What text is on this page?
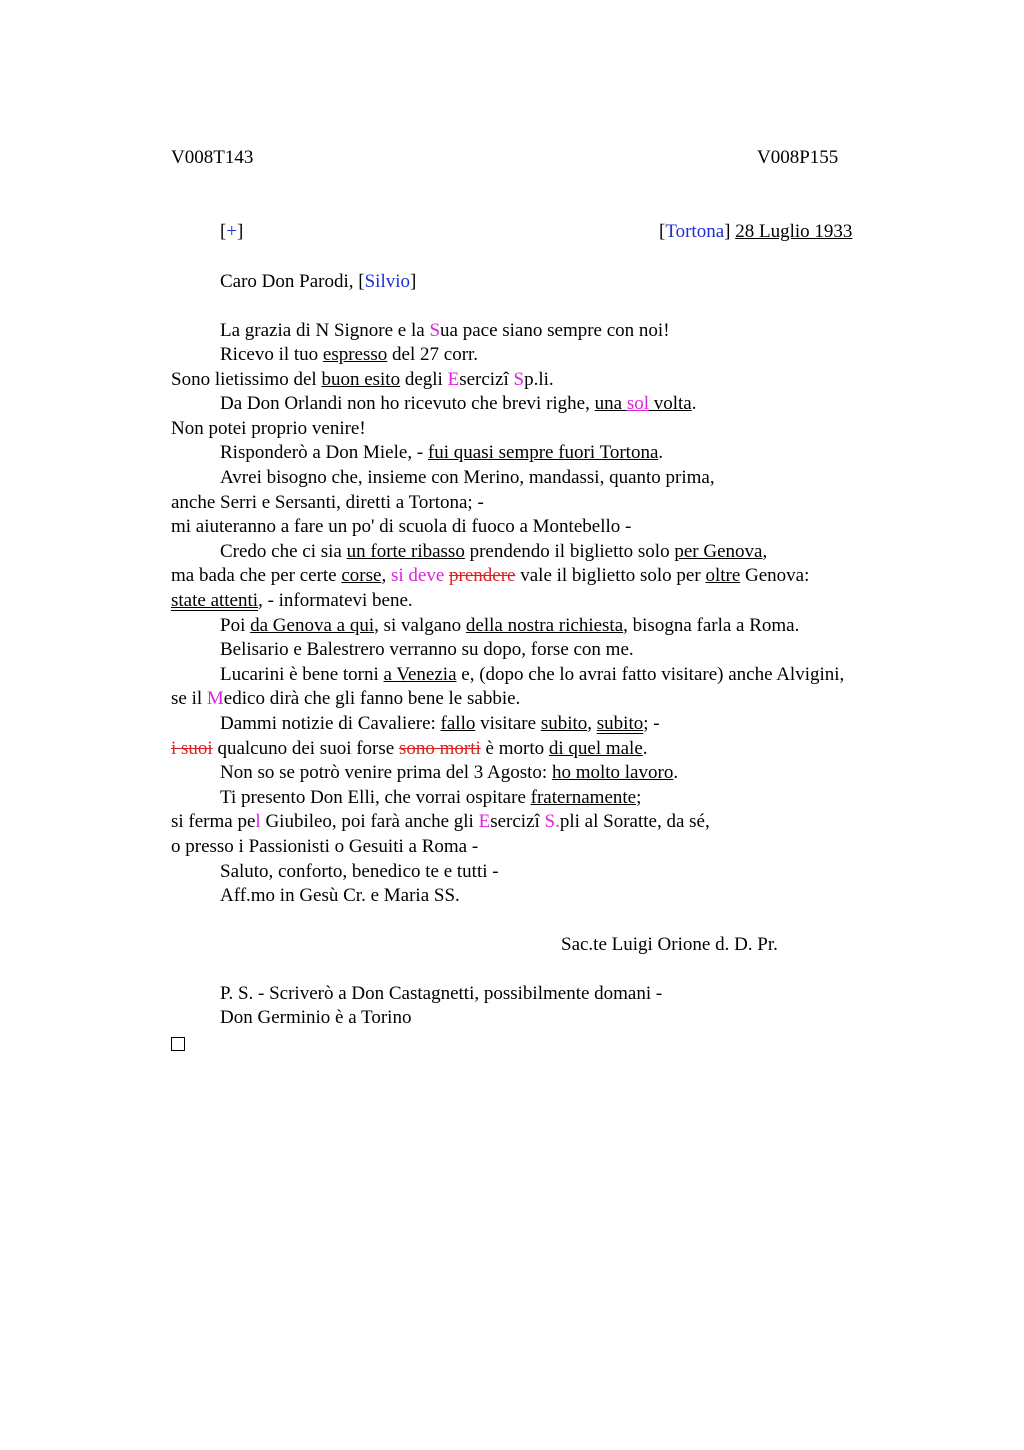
V008T143	V008P155
[+]	[Tortona] 28 Luglio 1933
Caro Don Parodi, [Silvio]
La grazia di N Signore e la Sua pace siano sempre con noi!
Ricevo il tuo espresso del 27 corr.
Sono lietissimo del buon esito degli Esercizi Sp.li.
Da Don Orlandi non ho ricevuto che brevi righe, una sol volta.
Non potei proprio venire!
Risponderò a Don Miele, - fui quasi sempre fuori Tortona.
Avrei bisogno che, insieme con Merino, mandassi, quanto prima,
anche Serri e Sersanti, diretti a Tortona; -
mi aiuteranno a fare un po' di scuola di fuoco a Montebello -
Credo che ci sia un forte ribasso prendendo il biglietto solo per Genova,
ma bada che per certe corse, si deve prendere vale il biglietto solo per oltre Genova:
state attenti, - informatevi bene.
Poi da Genova a qui, si valgano della nostra richiesta, bisogna farla a Roma.
Belisario e Balestrero verranno su dopo, forse con me.
Lucarini è bene torni a Venezia e, (dopo che lo avrai fatto visitare) anche Alvigini,
se il Medico dirà che gli fanno bene le sabbie.
Dammi notizie di Cavaliere: fallo visitare subito, subito; -
i suoi qualcuno dei suoi forse sono morti è morto di quel male.
Non so se potrò venire prima del 3 Agosto: ho molto lavoro.
Ti presento Don Elli, che vorrai ospitare fraternamente;
si ferma pel Giubileo, poi farà anche gli Esercizi S.pli al Soratte, da sé,
o presso i Passionisti o Gesuiti a Roma -
Saluto, conforto, benedico te e tutti -
Aff.mo in Gesù Cr. e Maria SS.
Sac.te Luigi Orione d. D. Pr.
P. S. - Scriverò a Don Castagnetti, possibilmente domani -
Don Germinio è a Torino
